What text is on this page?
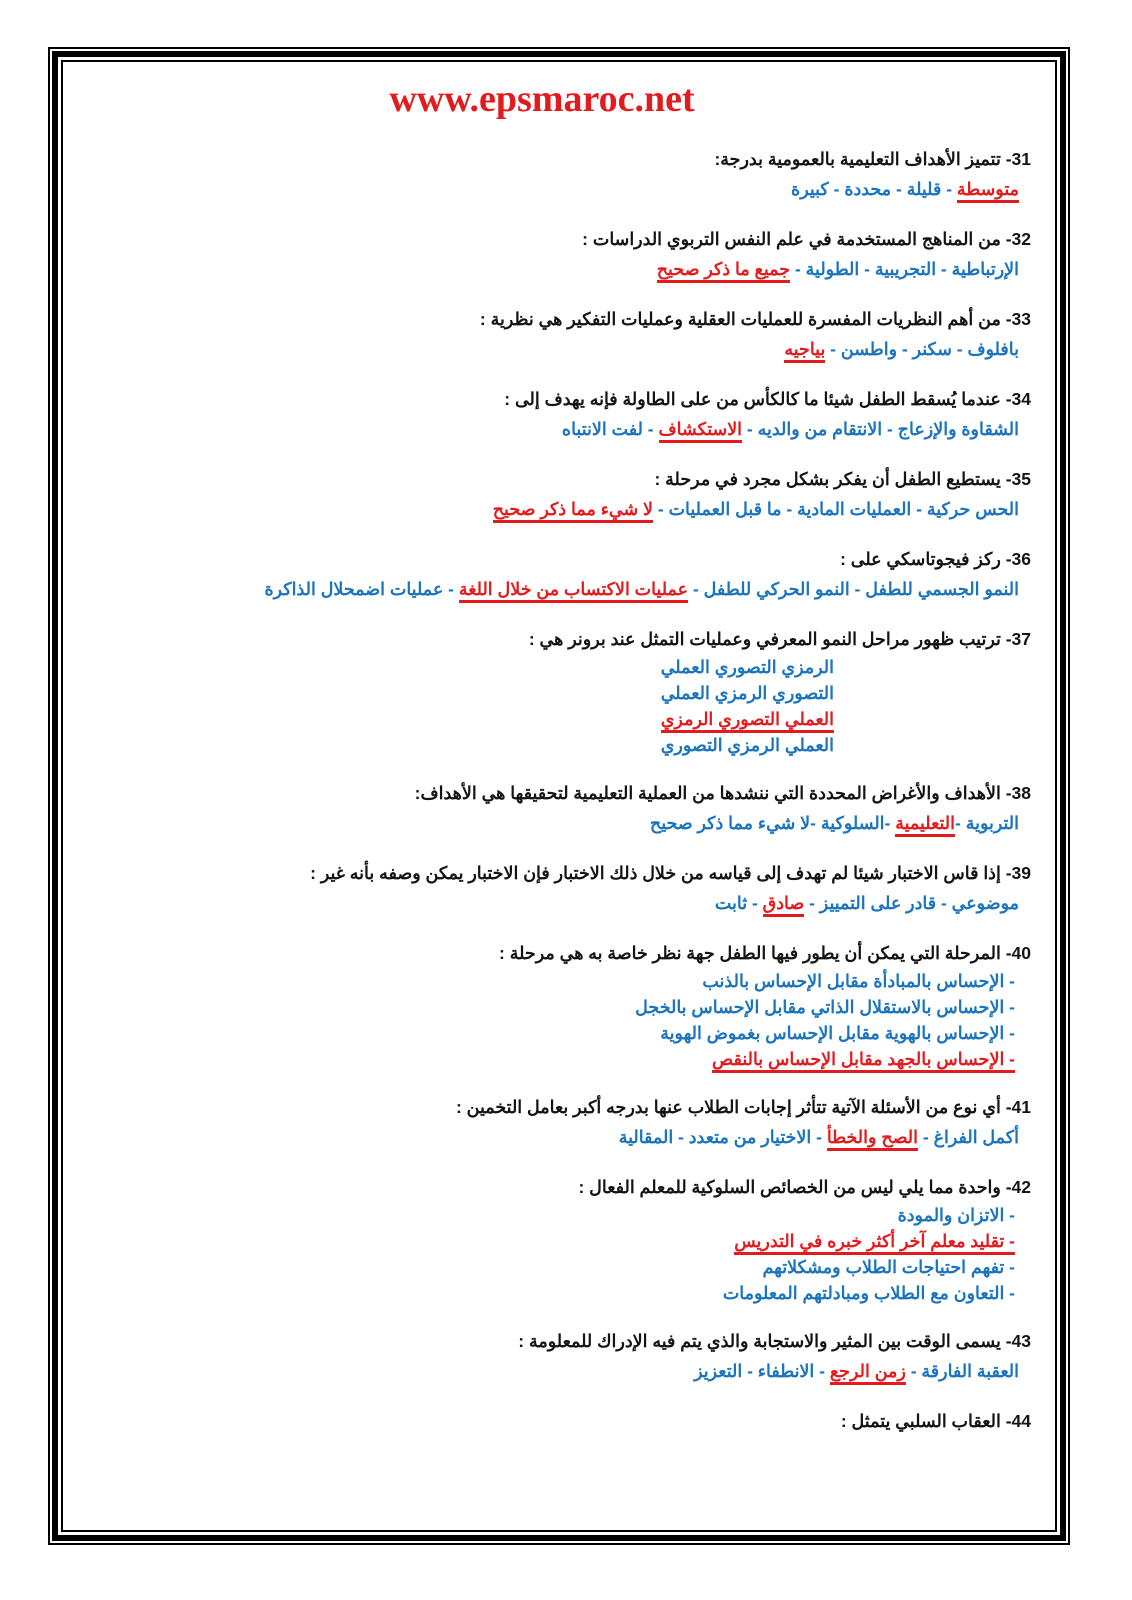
www.epsmaroc.net
31- تتميز الأهداف التعليمية بالعمومية بدرجة:
متوسطة - قليلة - محددة - كبيرة
32- من المناهج المستخدمة في علم النفس التربوي الدراسات :
الإرتباطية - التجريبية - الطولية - جميع ما ذكر صحيح
33- من أهم النظريات المفسرة للعمليات العقلية وعمليات التفكير هي نظرية :
بافلوف - سكنر - واطسن - بياجيه
34- عندما يُسقط الطفل شيئا ما كالكأس من على الطاولة فإنه يهدف إلى :
الشقاوة والإزعاج - الانتقام من والديه - الاستكشاف - لفت الانتباه
35- يستطيع الطفل أن يفكر بشكل مجرد في مرحلة :
الحس حركية - العمليات المادية - ما قبل العمليات - لا شيء مما ذكر صحيح
36- ركز فيجوتاسكي على :
النمو الجسمي للطفل - النمو الحركي للطفل - عمليات الاكتساب من خلال اللغة - عمليات اضمحلال الذاكرة
37- ترتيب ظهور مراحل النمو المعرفي وعمليات التمثل عند برونر هي :
الرمزي التصوري العملي
التصوري الرمزي العملي
العملي التصوري الرمزي
العملي الرمزي التصوري
38- الأهداف والأغراض المحددة التي ننشدها من العملية التعليمية لتحقيقها هي الأهداف:
التربوية -التعليمية -السلوكية -لا شيء مما ذكر صحيح
39- إذا قاس الاختبار شيئا لم تهدف إلى قياسه من خلال ذلك الاختبار فإن الاختبار يمكن وصفه بأنه غير :
موضوعي - قادر على التمييز - صادق - ثابت
40- المرحلة التي يمكن أن يطور فيها الطفل جهة نظر خاصة به هي مرحلة :
- الإحساس بالمبادأة مقابل الإحساس بالذنب
- الإحساس بالاستقلال الذاتي مقابل الإحساس بالخجل
- الإحساس بالهوية مقابل الإحساس بغموض الهوية
- الإحساس بالجهد مقابل الإحساس بالنقص
41- أي نوع من الأسئلة الآتية تتأثر إجابات الطلاب عنها بدرجه أكبر بعامل التخمين :
أكمل الفراغ - الصح والخطأ - الاختيار من متعدد - المقالية
42- واحدة مما يلي ليس من الخصائص السلوكية للمعلم الفعال :
- الاتزان والمودة
- تقليد معلم آخر أكثر خبره في التدريس
- تفهم احتياجات الطلاب ومشكلاتهم
- التعاون مع الطلاب ومبادلتهم المعلومات
43- يسمى الوقت بين المثير والاستجابة والذي يتم فيه الإدراك للمعلومة :
العقبة الفارقة - زمن الرجع - الانطفاء - التعزيز
44- العقاب السلبي يتمثل :
